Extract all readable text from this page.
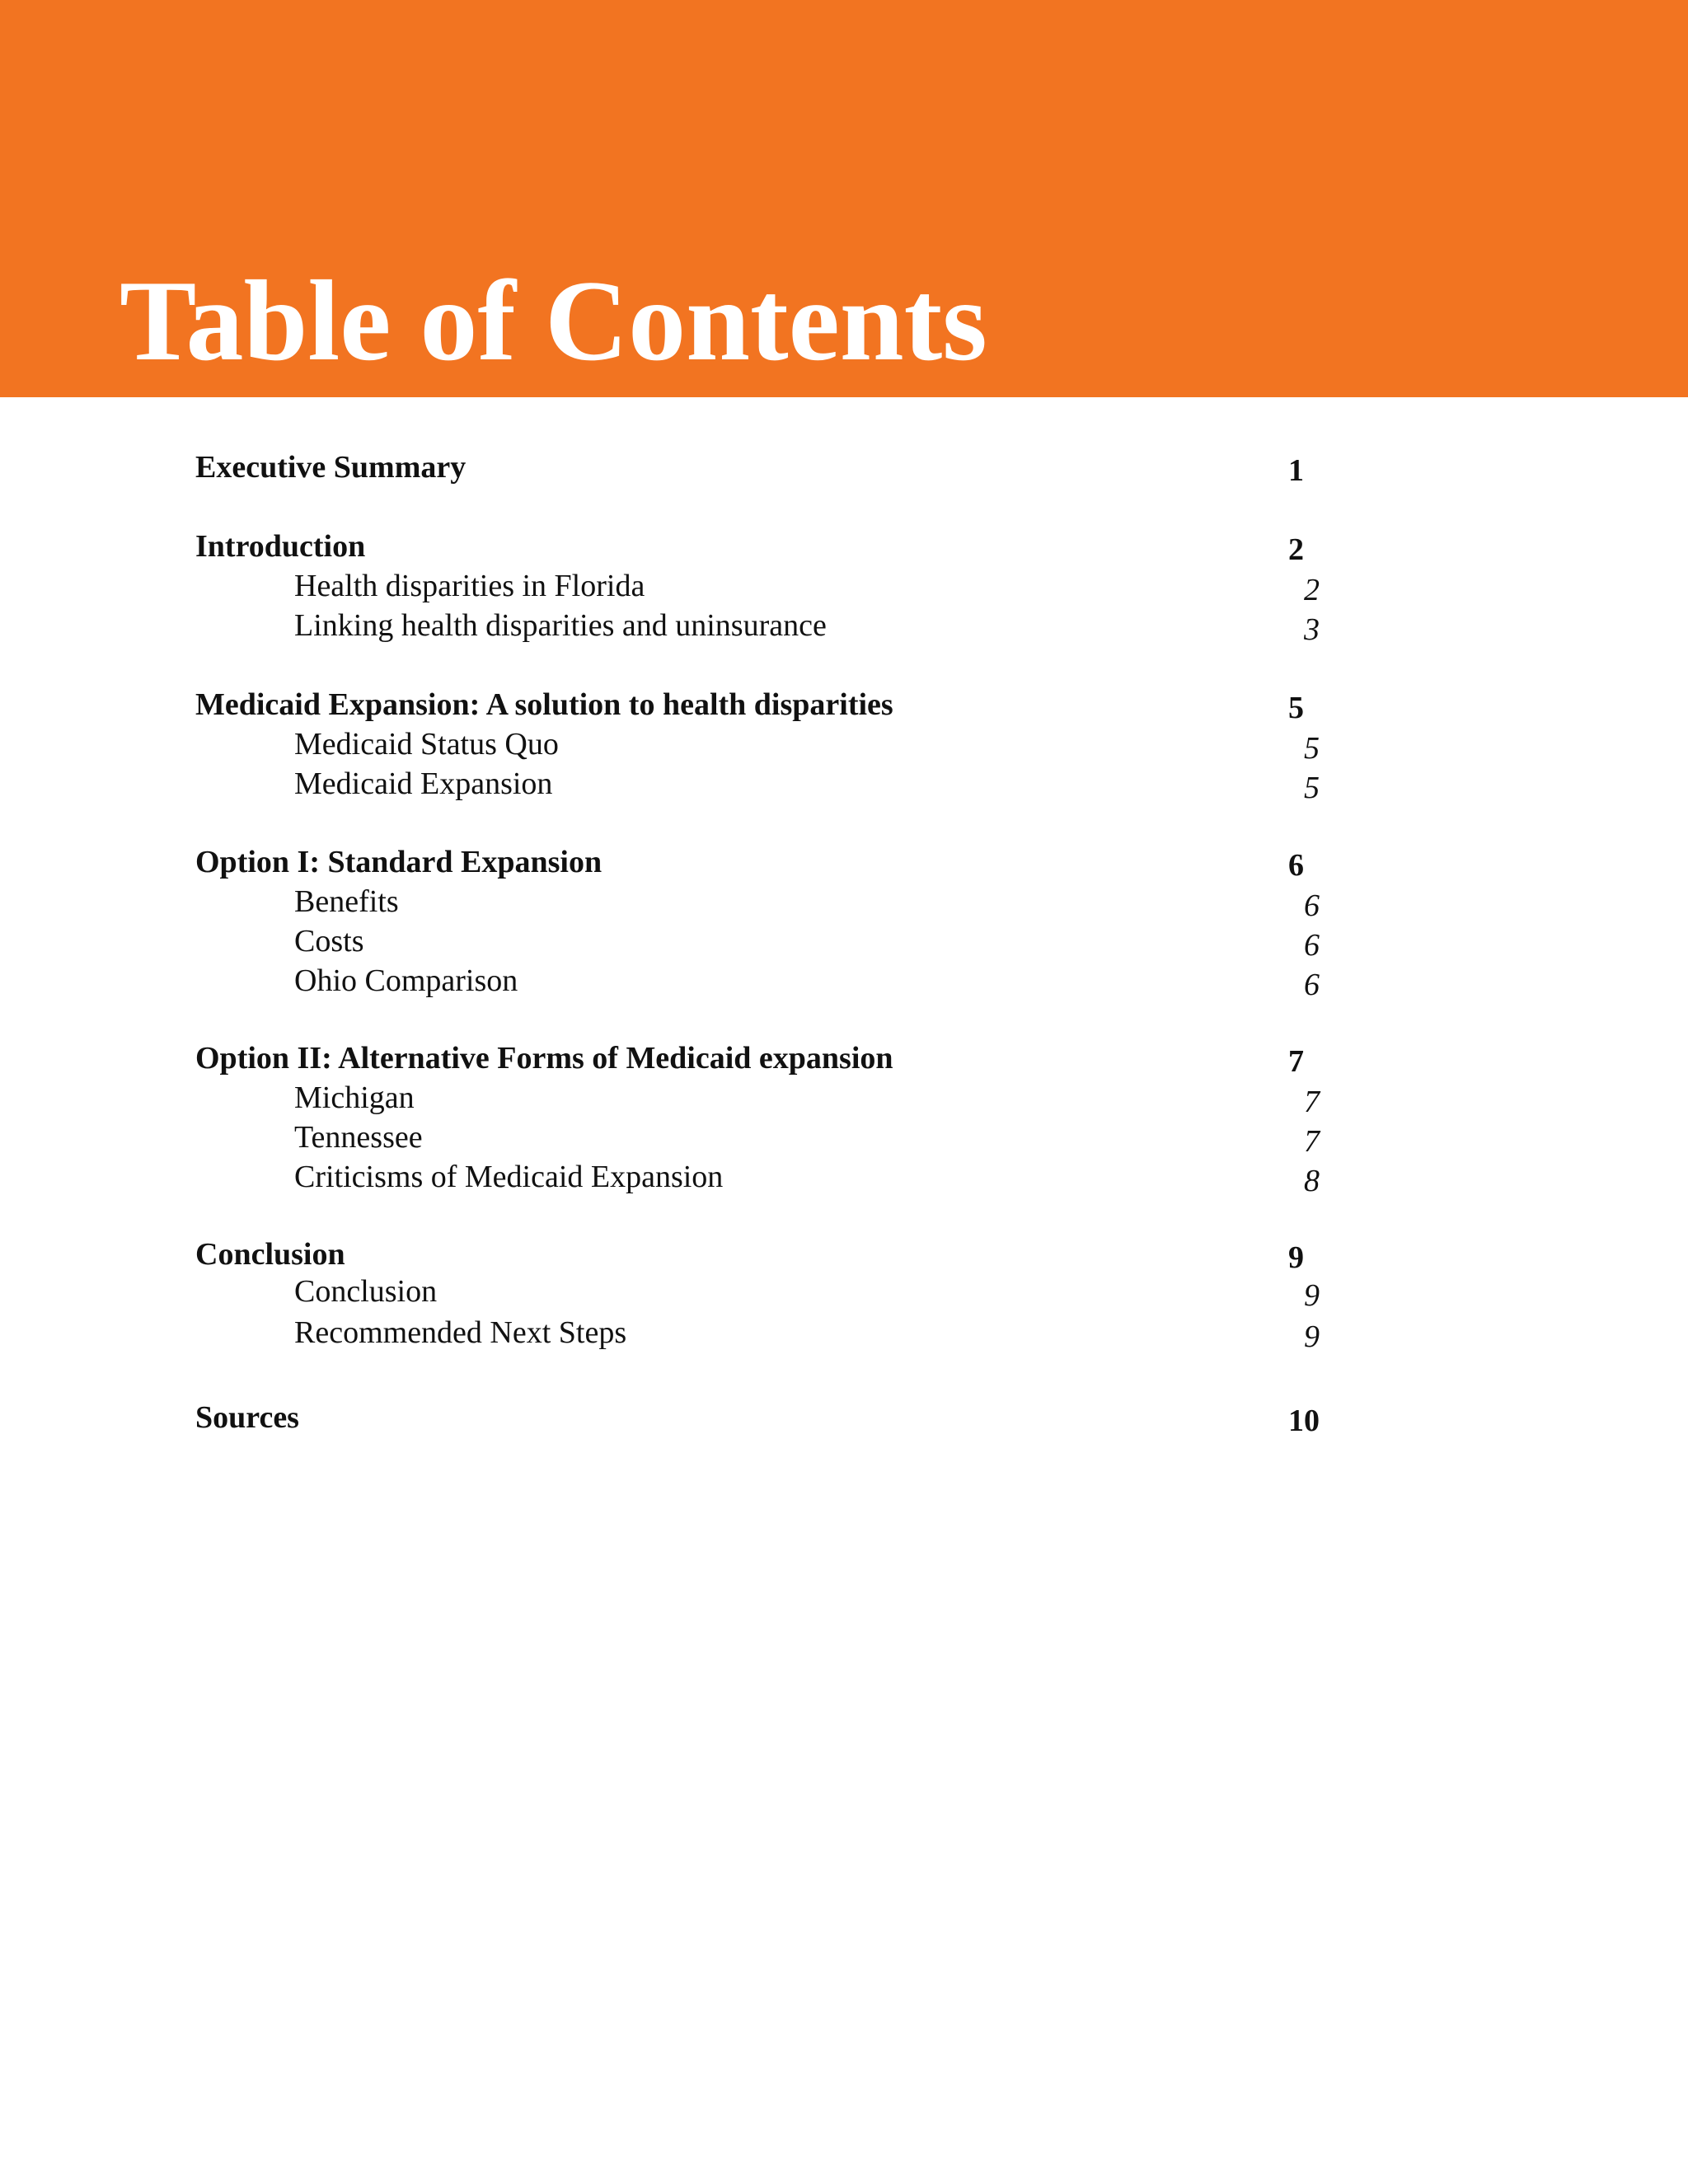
Table of Contents
Executive Summary	1
Introduction	2
Health disparities in Florida	2
Linking health disparities and uninsurance	3
Medicaid Expansion: A solution to health disparities	5
Medicaid Status Quo	5
Medicaid Expansion	5
Option I: Standard Expansion	6
Benefits	6
Costs	6
Ohio Comparison	6
Option II: Alternative Forms of Medicaid expansion	7
Michigan	7
Tennessee	7
Criticisms of Medicaid Expansion	8
Conclusion	9
Conclusion	9
Recommended Next Steps	9
Sources	10
